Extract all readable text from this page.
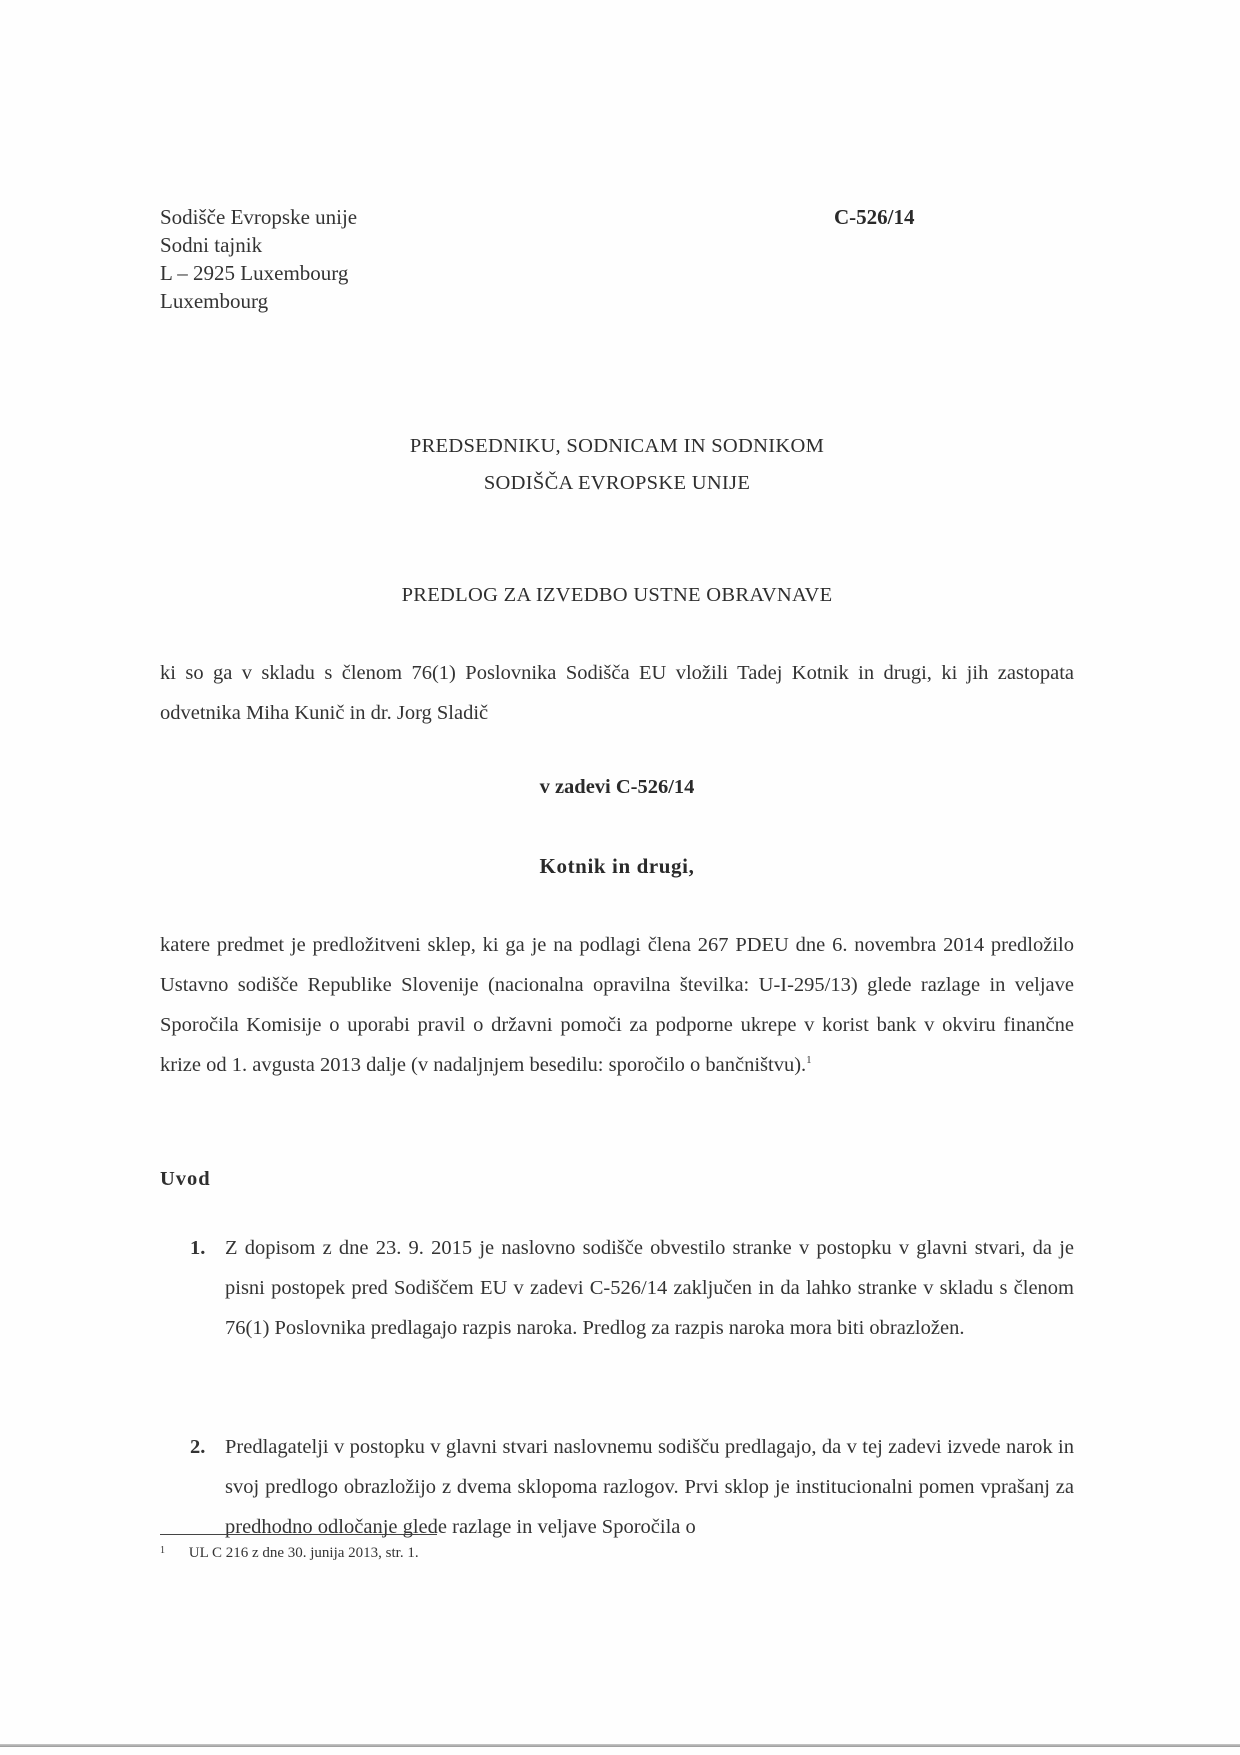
Sodišče Evropske unije
Sodni tajnik
L – 2925 Luxembourg
Luxembourg
C-526/14
PREDSEDNIKU, SODNICAM IN SODNIKOM
SODIŠČA EVROPSKE UNIJE
PREDLOG ZA IZVEDBO USTNE OBRAVNAVE
ki so ga v skladu s členom 76(1) Poslovnika Sodišča EU vložili Tadej Kotnik in drugi, ki jih zastopata odvetnika Miha Kunič in dr. Jorg Sladič
v zadevi C-526/14
Kotnik in drugi,
katere predmet je predložitveni sklep, ki ga je na podlagi člena 267 PDEU dne 6. novembra 2014 predložilo Ustavno sodišče Republike Slovenije (nacionalna opravilna številka: U-I-295/13) glede razlage in veljave Sporočila Komisije o uporabi pravil o državni pomoči za podporne ukrepe v korist bank v okviru finančne krize od 1. avgusta 2013 dalje (v nadaljnjem besedilu: sporočilo o bančništvu).$^1$
Uvod
1. Z dopisom z dne 23. 9. 2015 je naslovno sodišče obvestilo stranke v postopku v glavni stvari, da je pisni postopek pred Sodiščem EU v zadevi C-526/14 zaključen in da lahko stranke v skladu s členom 76(1) Poslovnika predlagajo razpis naroka. Predlog za razpis naroka mora biti obrazložen.
2. Predlagatelji v postopku v glavni stvari naslovnemu sodišču predlagajo, da v tej zadevi izvede narok in svoj predlogo obrazložijo z dvema sklopoma razlogov. Prvi sklop je institucionalni pomen vprašanj za predhodno odločanje glede razlage in veljave Sporočila o
$^1$ UL C 216 z dne 30. junija 2013, str. 1.
